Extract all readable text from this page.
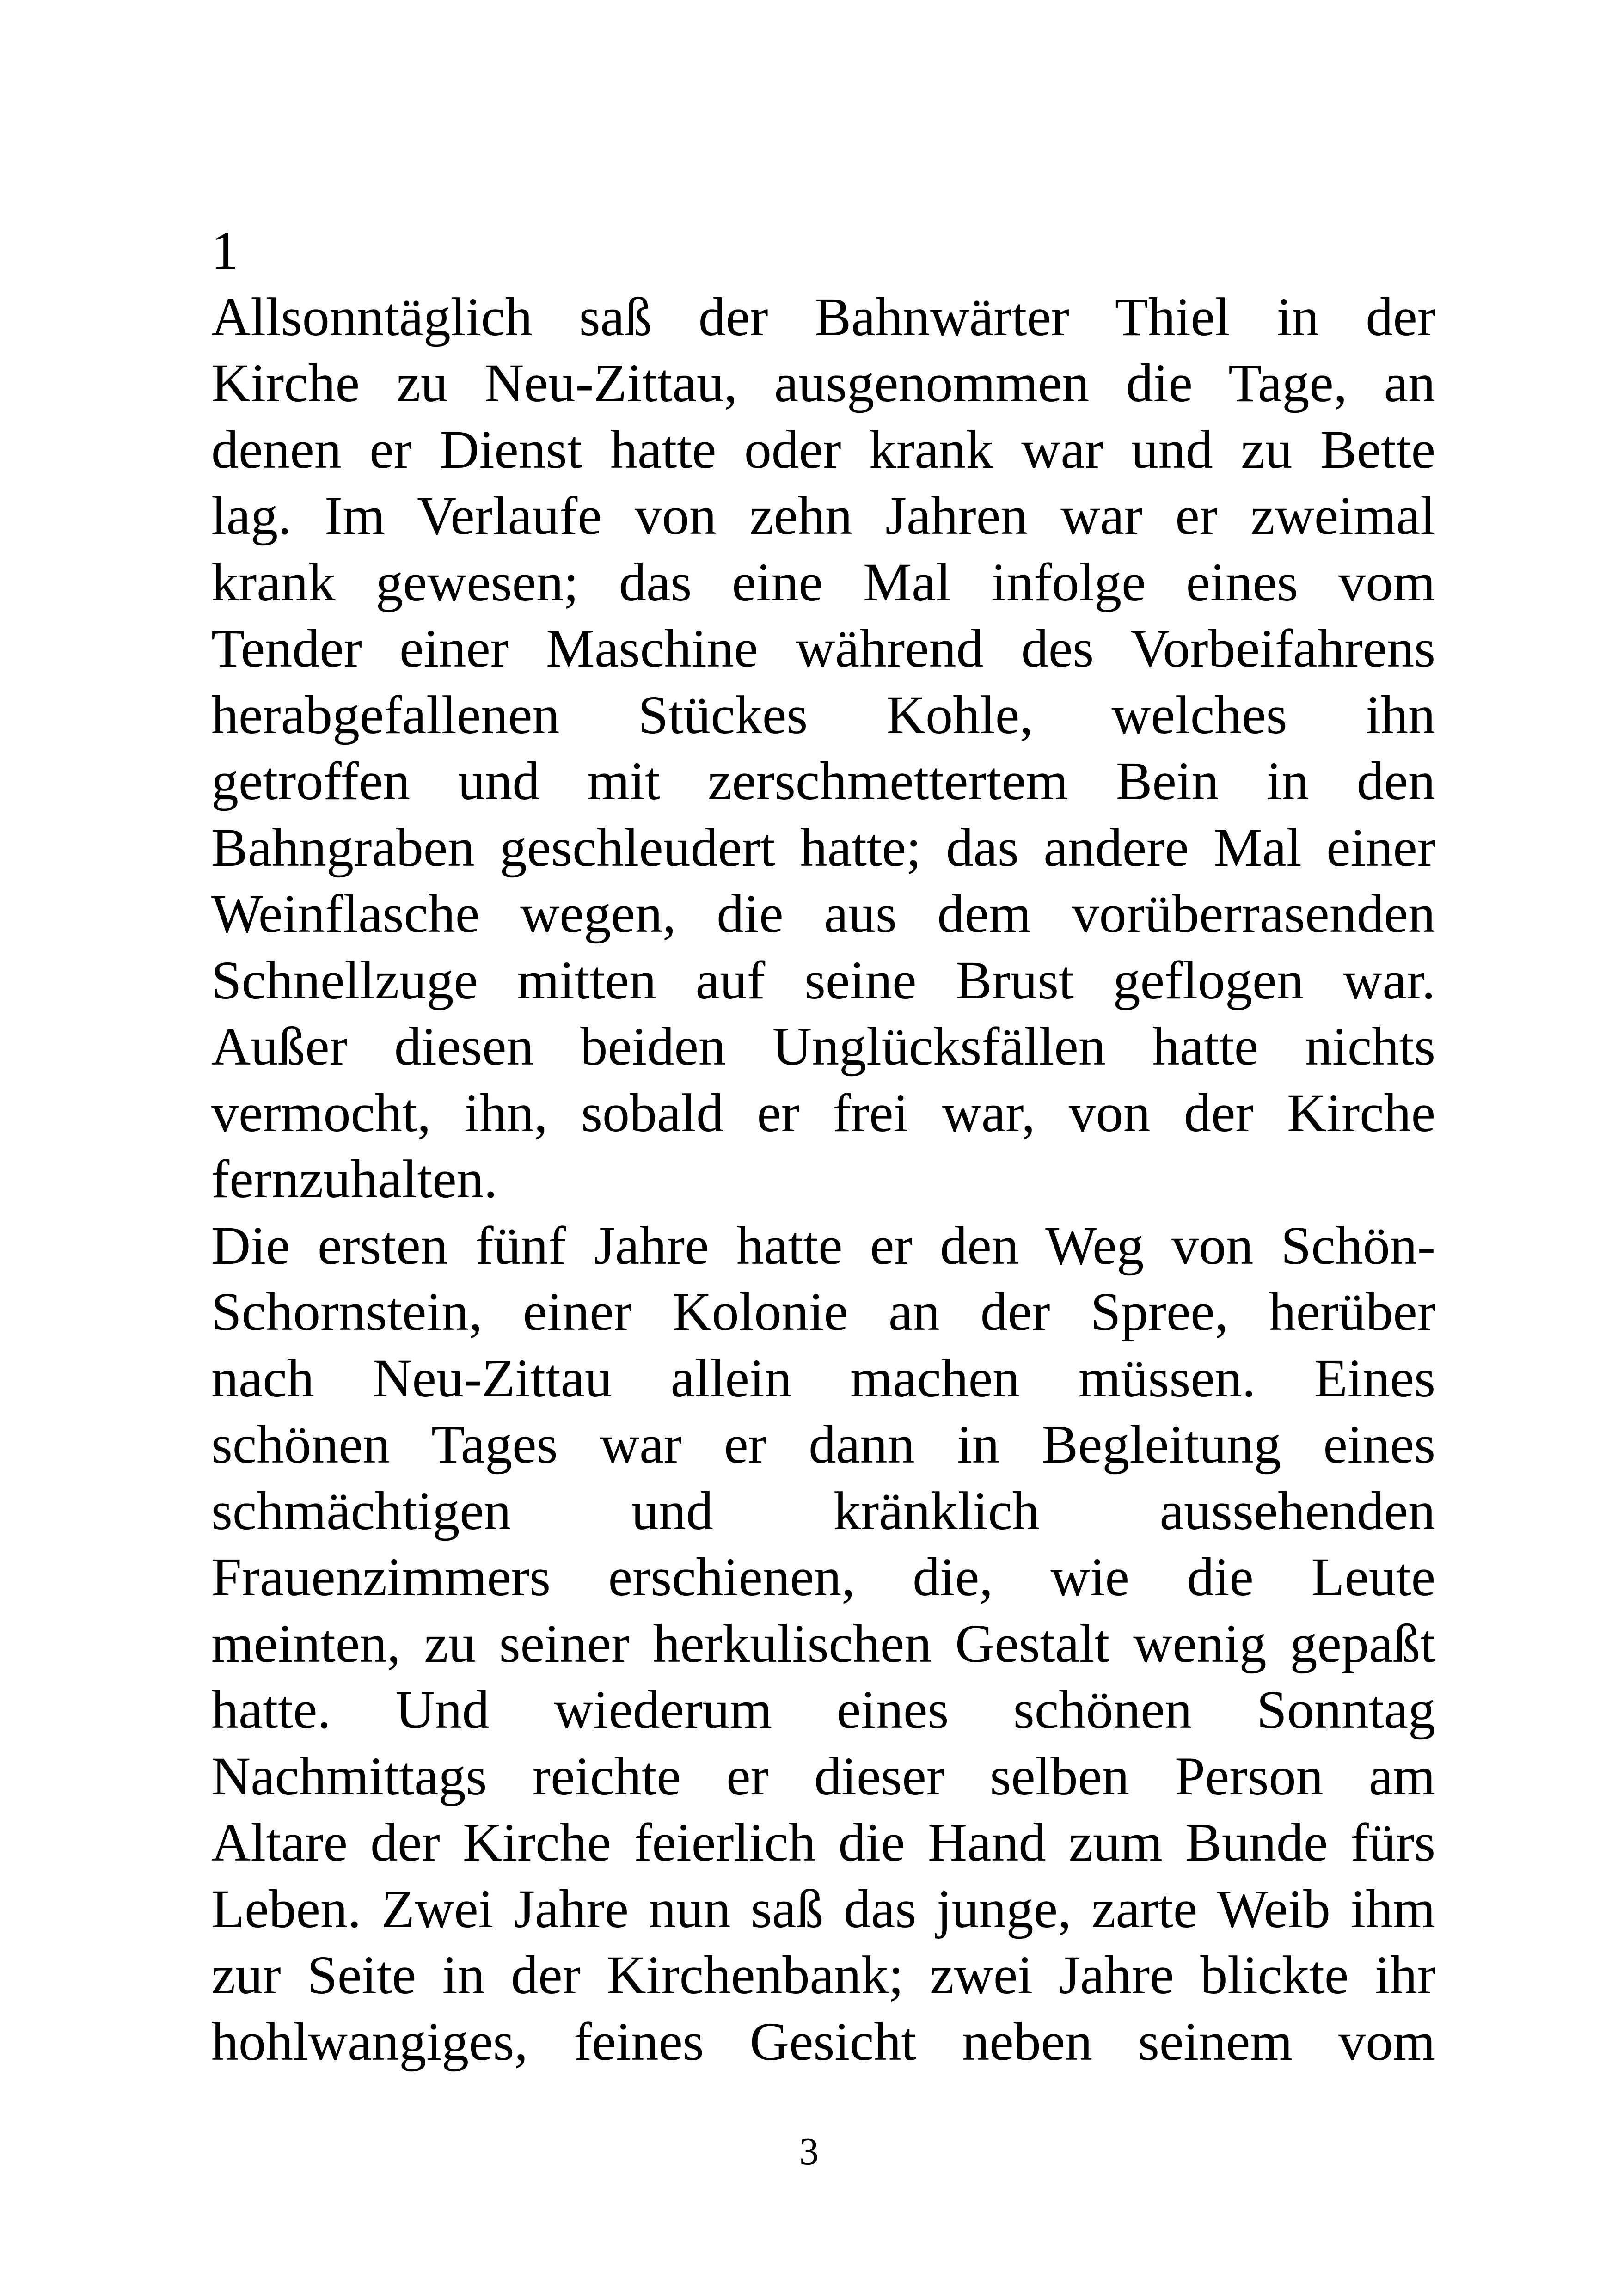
1
Allsonntäglich saß der Bahnwärter Thiel in der
Kirche zu Neu-Zittau, ausgenommen die Tage, an
denen er Dienst hatte oder krank war und zu Bette
lag. Im Verlaufe von zehn Jahren war er zweimal
krank gewesen; das eine Mal infolge eines vom
Tender einer Maschine während des Vorbeifahrens
herabgefallenen Stückes Kohle, welches ihn
getroffen und mit zerschmettertem Bein in den
Bahngraben geschleudert hatte; das andere Mal einer
Weinflasche wegen, die aus dem vorüberrasenden
Schnellzuge mitten auf seine Brust geflogen war.
Außer diesen beiden Unglücksfällen hatte nichts
vermocht, ihn, sobald er frei war, von der Kirche
fernzuhalten.
Die ersten fünf Jahre hatte er den Weg von Schön-
Schornstein, einer Kolonie an der Spree, herüber
nach Neu-Zittau allein machen müssen. Eines
schönen Tages war er dann in Begleitung eines
schmächtigen und kränklich aussehenden
Frauenzimmers erschienen, die, wie die Leute
meinten, zu seiner herkulischen Gestalt wenig gepaßt
hatte. Und wiederum eines schönen Sonntag
Nachmittags reichte er dieser selben Person am
Altare der Kirche feierlich die Hand zum Bunde fürs
Leben. Zwei Jahre nun saß das junge, zarte Weib ihm
zur Seite in der Kirchenbank; zwei Jahre blickte ihr
hohlwangiges, feines Gesicht neben seinem vom
3
